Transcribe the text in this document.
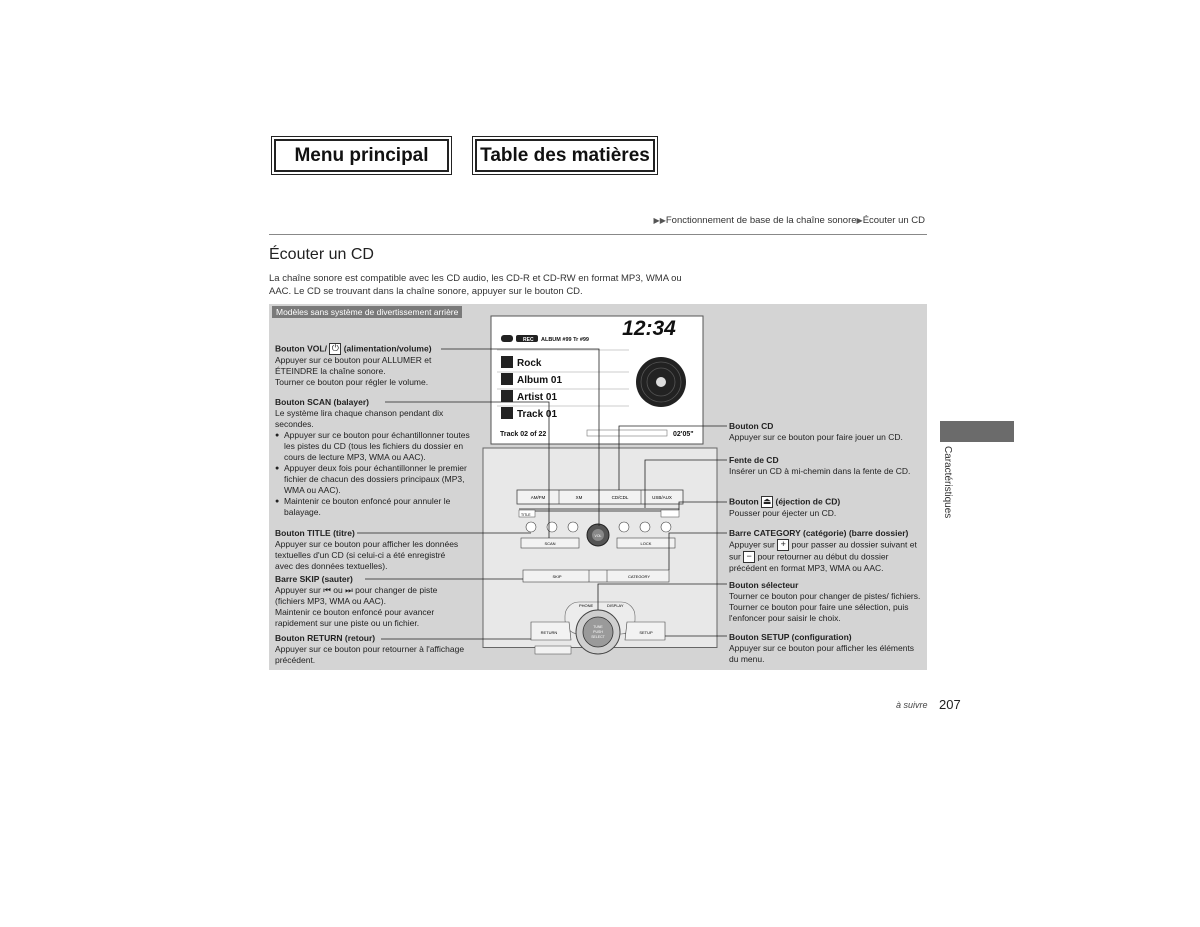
Menu principal	Table des matières
▶▶Fonctionnement de base de la chaîne sonore▶Écouter un CD
Écouter un CD
La chaîne sonore est compatible avec les CD audio, les CD-R et CD-RW en format MP3, WMA ou AAC. Le CD se trouvant dans la chaîne sonore, appuyer sur le bouton CD.
Modèles sans système de divertissement arrière
12:34
REC ALBUM #99 Tr #99
Rock
Album 01
Artist 01
Track 01
Track 02 of 22	02'05"
AM/FM	XM	CD/CDL	USB/AUX
TITLE
VOL
SCAN	LOCK
SKIP	CATEGORY
PHONE	DISPLAY
TUNE
PUSH
SELECT
RETURN	SETUP
Bouton VOL/ ⏻ (alimentation/volume)
Appuyer sur ce bouton pour ALLUMER et ÉTEINDRE la chaîne sonore.
Tourner ce bouton pour régler le volume.
Bouton SCAN (balayer)
Le système lira chaque chanson pendant dix secondes.
● Appuyer sur ce bouton pour échantillonner toutes les pistes du CD (tous les fichiers du dossier en cours de lecture MP3, WMA ou AAC).
● Appuyer deux fois pour échantillonner le premier fichier de chacun des dossiers principaux (MP3, WMA ou AAC).
● Maintenir ce bouton enfoncé pour annuler le balayage.
Bouton TITLE (titre)
Appuyer sur ce bouton pour afficher les données textuelles d'un CD (si celui-ci a été enregistré avec des données textuelles).
Barre SKIP (sauter)
Appuyer sur ⏮ ou ⏭ pour changer de piste (fichiers MP3, WMA ou AAC).
Maintenir ce bouton enfoncé pour avancer rapidement sur une piste ou un fichier.
Bouton RETURN (retour)
Appuyer sur ce bouton pour retourner à l'affichage précédent.
Bouton CD
Appuyer sur ce bouton pour faire jouer un CD.
Fente de CD
Insérer un CD à mi-chemin dans la fente de CD.
Bouton ⏏ (éjection de CD)
Pousser pour éjecter un CD.
Barre CATEGORY (catégorie) (barre dossier)
Appuyer sur + pour passer au dossier suivant et sur − pour retourner au début du dossier précédent en format MP3, WMA ou AAC.
Bouton sélecteur
Tourner ce bouton pour changer de pistes/ fichiers. Tourner ce bouton pour faire une sélection, puis l'enfoncer pour saisir le choix.
Bouton SETUP (configuration)
Appuyer sur ce bouton pour afficher les éléments du menu.
Caractéristiques
à suivre 207
